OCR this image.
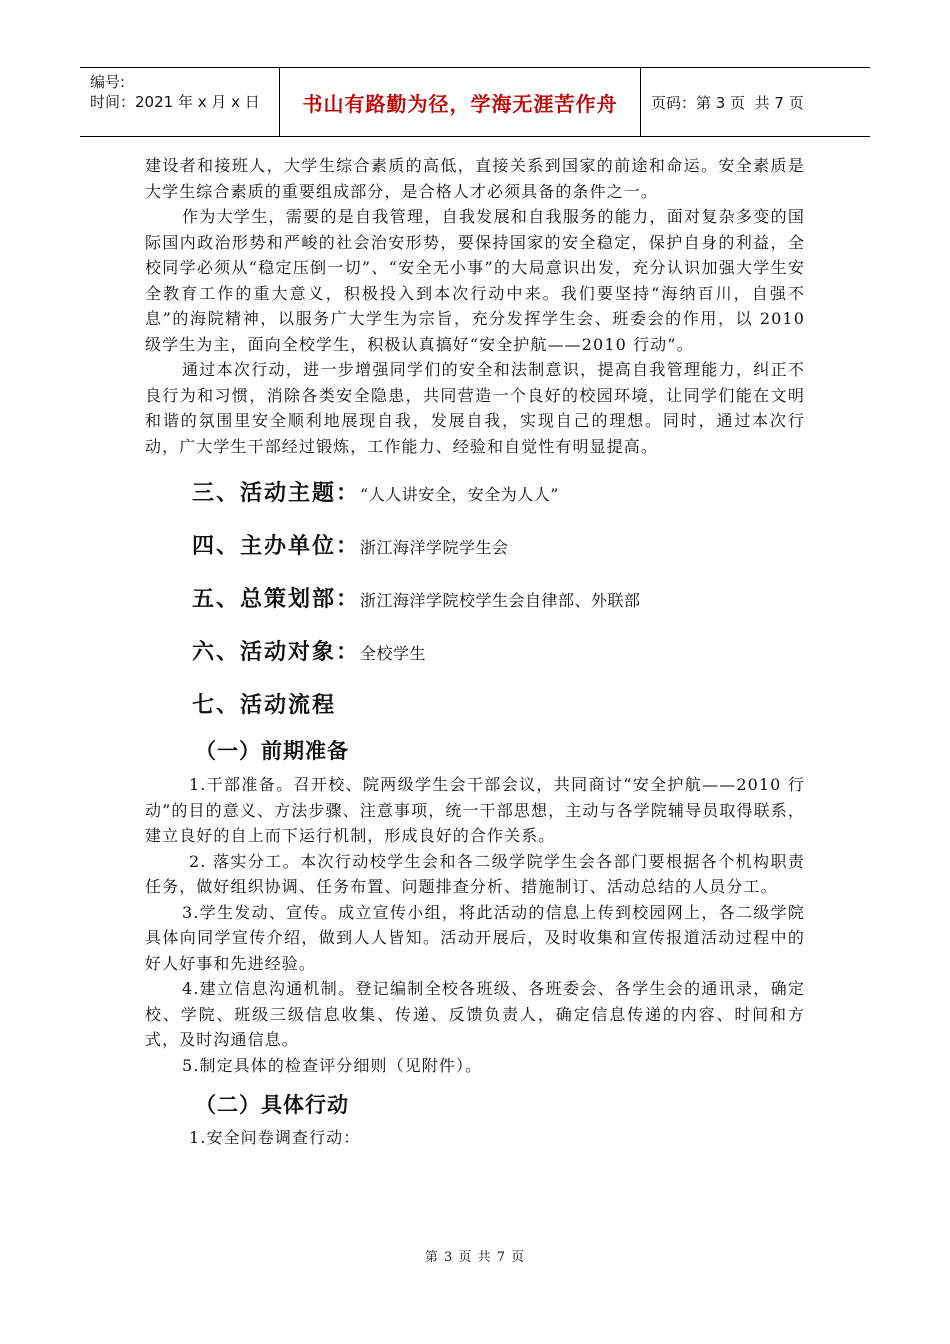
编号:
时间：2021 年 x 月 x 日	书山有路勤为径，学海无涯苦作舟	页码：第 3 页  共 7 页

建设者和接班人，大学生综合素质的高低，直接关系到国家的前途和命运。安全素质是大学生综合素质的重要组成部分，是合格人才必须具备的条件之一。

作为大学生，需要的是自我管理，自我发展和自我服务的能力，面对复杂多变的国际国内政治形势和严峻的社会治安形势，要保持国家的安全稳定，保护自身的利益，全校同学必须从“稳定压倒一切”、“安全无小事”的大局意识出发，充分认识加强大学生安全教育工作的重大意义，积极投入到本次行动中来。我们要坚持“海纳百川，自强不息”的海院精神，以服务广大学生为宗旨，充分发挥学生会、班委会的作用，以 2010 级学生为主，面向全校学生，积极认真搞好“安全护航——2010 行动”。

通过本次行动，进一步增强同学们的安全和法制意识，提高自我管理能力，纠正不良行为和习惯，消除各类安全隐患，共同营造一个良好的校园环境，让同学们能在文明和谐的氛围里安全顺利地展现自我，发展自我，实现自己的理想。同时，通过本次行动，广大学生干部经过锻炼，工作能力、经验和自觉性有明显提高。

三、活动主题： “人人讲安全，安全为人人”
四、主办单位： 浙江海洋学院学生会
五、总策划部： 浙江海洋学院校学生会自律部、外联部
六、活动对象： 全校学生
七、活动流程
（一）前期准备

1.干部准备。召开校、院两级学生会干部会议，共同商讨“安全护航——2010 行动”的目的意义、方法步骤、注意事项，统一干部思想，主动与各学院辅导员取得联系，建立良好的自上而下运行机制，形成良好的合作关系。

2. 落实分工。本次行动校学生会和各二级学院学生会各部门要根据各个机构职责任务，做好组织协调、任务布置、问题排查分析、措施制订、活动总结的人员分工。

3.学生发动、宣传。成立宣传小组，将此活动的信息上传到校园网上，各二级学院具体向同学宣传介绍，做到人人皆知。活动开展后，及时收集和宣传报道活动过程中的好人好事和先进经验。

4.建立信息沟通机制。登记编制全校各班级、各班委会、各学生会的通讯录，确定校、学院、班级三级信息收集、传递、反馈负责人，确定信息传递的内容、时间和方式，及时沟通信息。

5.制定具体的检查评分细则（见附件）。

（二）具体行动

1.安全问卷调查行动：

第 3 页 共 7 页
